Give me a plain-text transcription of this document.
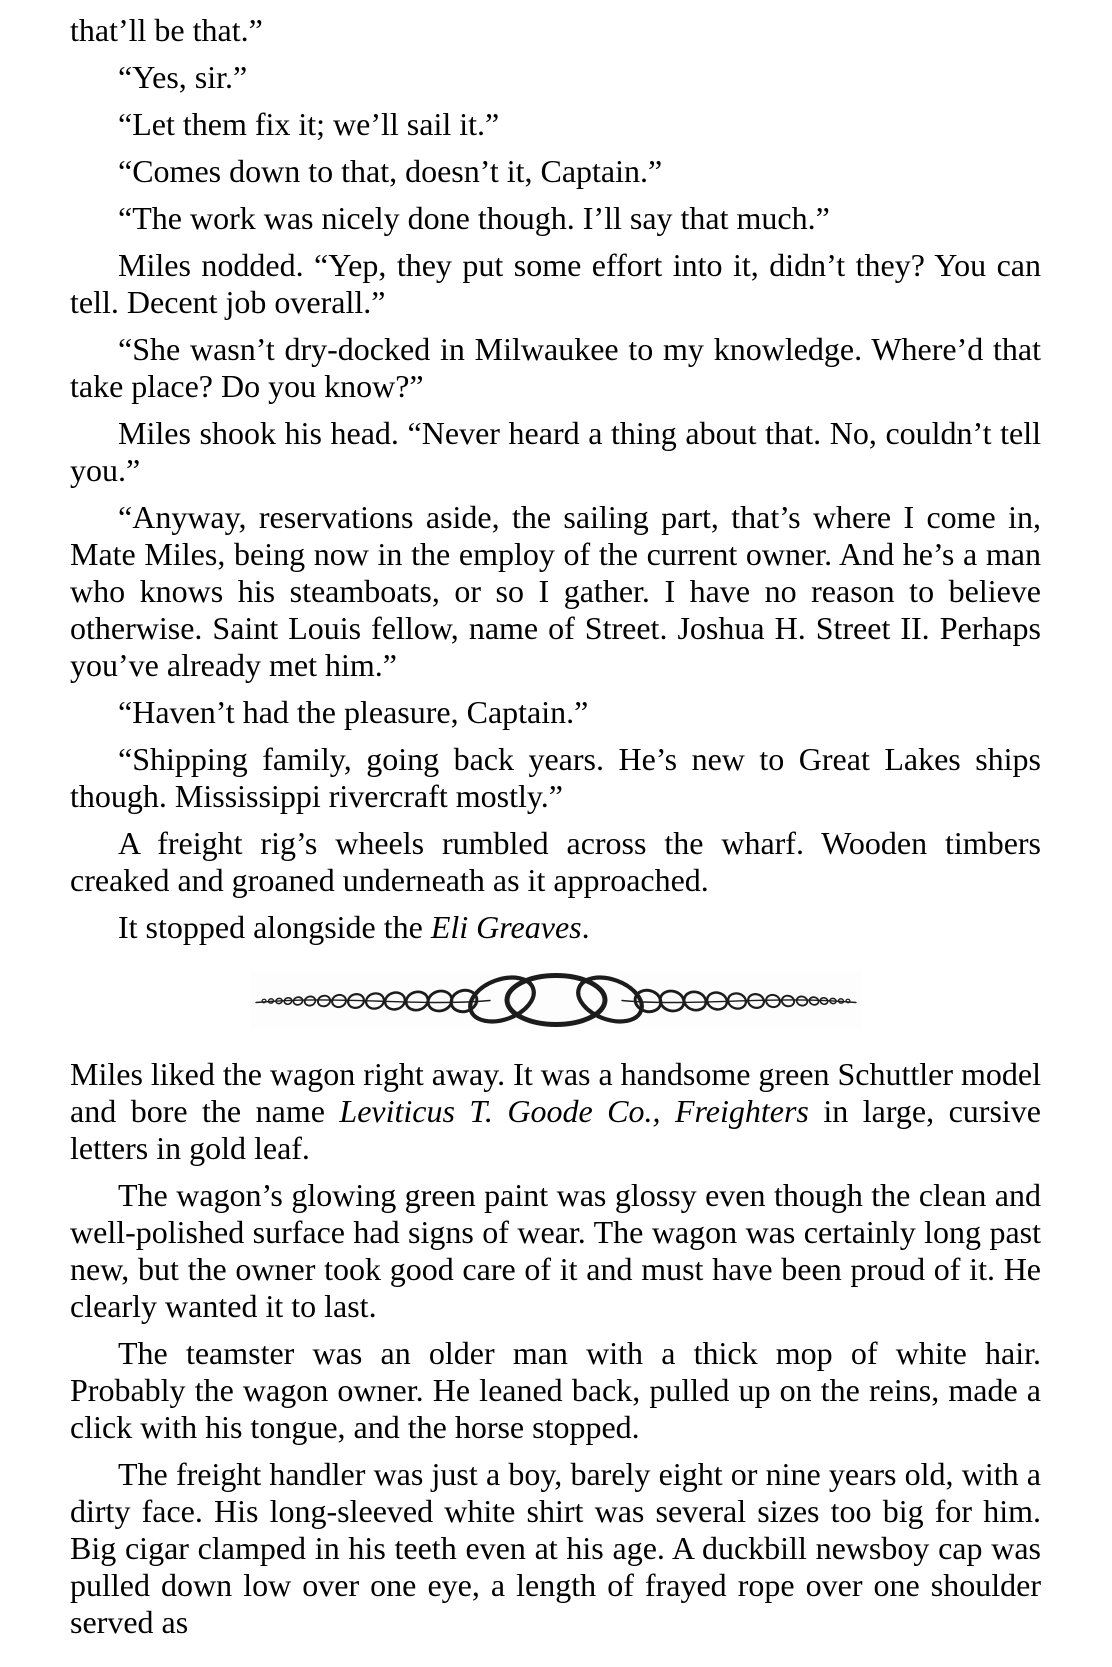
that’ll be that.”

“Yes, sir.”

“Let them fix it; we’ll sail it.”

“Comes down to that, doesn’t it, Captain.”

“The work was nicely done though. I’ll say that much.”

Miles nodded. “Yep, they put some effort into it, didn’t they? You can tell. Decent job overall.”

“She wasn’t dry-docked in Milwaukee to my knowledge. Where’d that take place? Do you know?”

Miles shook his head. “Never heard a thing about that. No, couldn’t tell you.”

“Anyway, reservations aside, the sailing part, that’s where I come in, Mate Miles, being now in the employ of the current owner. And he’s a man who knows his steamboats, or so I gather. I have no reason to believe otherwise. Saint Louis fellow, name of Street. Joshua H. Street II. Perhaps you’ve already met him.”

“Haven’t had the pleasure, Captain.”

“Shipping family, going back years. He’s new to Great Lakes ships though. Mississippi rivercraft mostly.”

A freight rig’s wheels rumbled across the wharf. Wooden timbers creaked and groaned underneath as it approached.

It stopped alongside the Eli Greaves.

Miles liked the wagon right away. It was a handsome green Schuttler model and bore the name Leviticus T. Goode Co., Freighters in large, cursive letters in gold leaf.

The wagon’s glowing green paint was glossy even though the clean and well-polished surface had signs of wear. The wagon was certainly long past new, but the owner took good care of it and must have been proud of it. He clearly wanted it to last.

The teamster was an older man with a thick mop of white hair. Probably the wagon owner. He leaned back, pulled up on the reins, made a click with his tongue, and the horse stopped.

The freight handler was just a boy, barely eight or nine years old, with a dirty face. His long-sleeved white shirt was several sizes too big for him. Big cigar clamped in his teeth even at his age. A duckbill newsboy cap was pulled down low over one eye, a length of frayed rope over one shoulder served as
